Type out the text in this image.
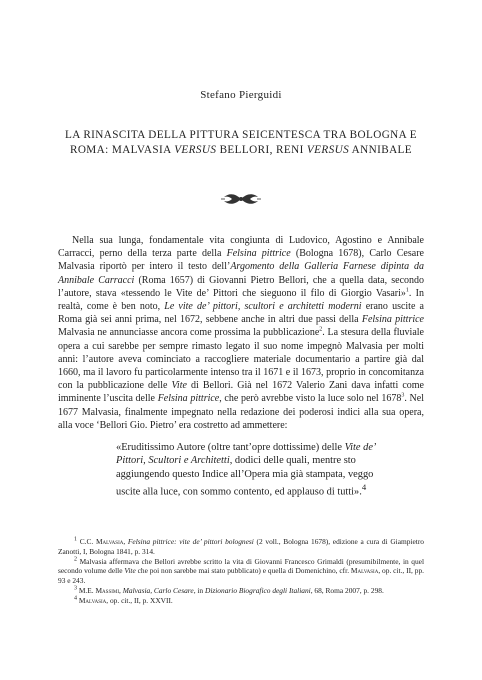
Stefano Pierguidi
LA RINASCITA DELLA PITTURA SEICENTESCA TRA BOLOGNA E ROMA: MALVASIA VERSUS BELLORI, RENI VERSUS ANNIBALE

Nella sua lunga, fondamentale vita congiunta di Ludovico, Agostino e Annibale Carracci, perno della terza parte della Felsina pittrice (Bologna 1678), Carlo Cesare Malvasia riportò per intero il testo dell’Argomento della Galleria Farnese dipinta da Annibale Carracci (Roma 1657) di Giovanni Pietro Bellori, che a quella data, secondo l’autore, stava «tessendo le Vite de’ Pittori che sieguono il filo di Giorgio Vasari»$^1$. In realtà, come è ben noto, Le vite de’ pittori, scultori e architetti moderni erano uscite a Roma già sei anni prima, nel 1672, sebbene anche in altri due passi della Felsina pittrice Malvasia ne annunciasse ancora come prossima la pubblicazione$^2$. La stesura della fluviale opera a cui sarebbe per sempre rimasto legato il suo nome impegnò Malvasia per molti anni: l’autore aveva cominciato a raccogliere materiale documentario a partire già dal 1660, ma il lavoro fu particolarmente intenso tra il 1671 e il 1673, proprio in concomitanza con la pubblicazione delle Vite di Bellori. Già nel 1672 Valerio Zani dava infatti come imminente l’uscita delle Felsina pittrice, che però avrebbe visto la luce solo nel 1678$^3$. Nel 1677 Malvasia, finalmente impegnato nella redazione dei poderosi indici alla sua opera, alla voce ‘Bellori Gio. Pietro’ era costretto ad ammettere:

«Eruditissimo Autore (oltre tant’opre dottissime) delle Vite de’ Pittori, Scultori e Architetti, dodici delle quali, mentre sto aggiungendo questo Indice all’Opera mia già stampata, veggo uscite alla luce, con sommo contento, ed applauso di tutti».$^4$

$^1$ C.C. Malvasia, Felsina pittrice: vite de’ pittori bolognesi (2 voll., Bologna 1678), edizione a cura di Giampietro Zanotti, I, Bologna 1841, p. 314.

$^2$ Malvasia affermava che Bellori avrebbe scritto la vita di Giovanni Francesco Grimaldi (presumibilmente, in quel secondo volume delle Vite che poi non sarebbe mai stato pubblicato) e quella di Domenichino, cfr. Malvasia, op. cit., II, pp. 93 e 243.

$^3$ M.E. Massimi, Malvasia, Carlo Cesare, in Dizionario Biografico degli Italiani, 68, Roma 2007, p. 298.

$^4$ Malvasia, op. cit., II, p. XXVII.
